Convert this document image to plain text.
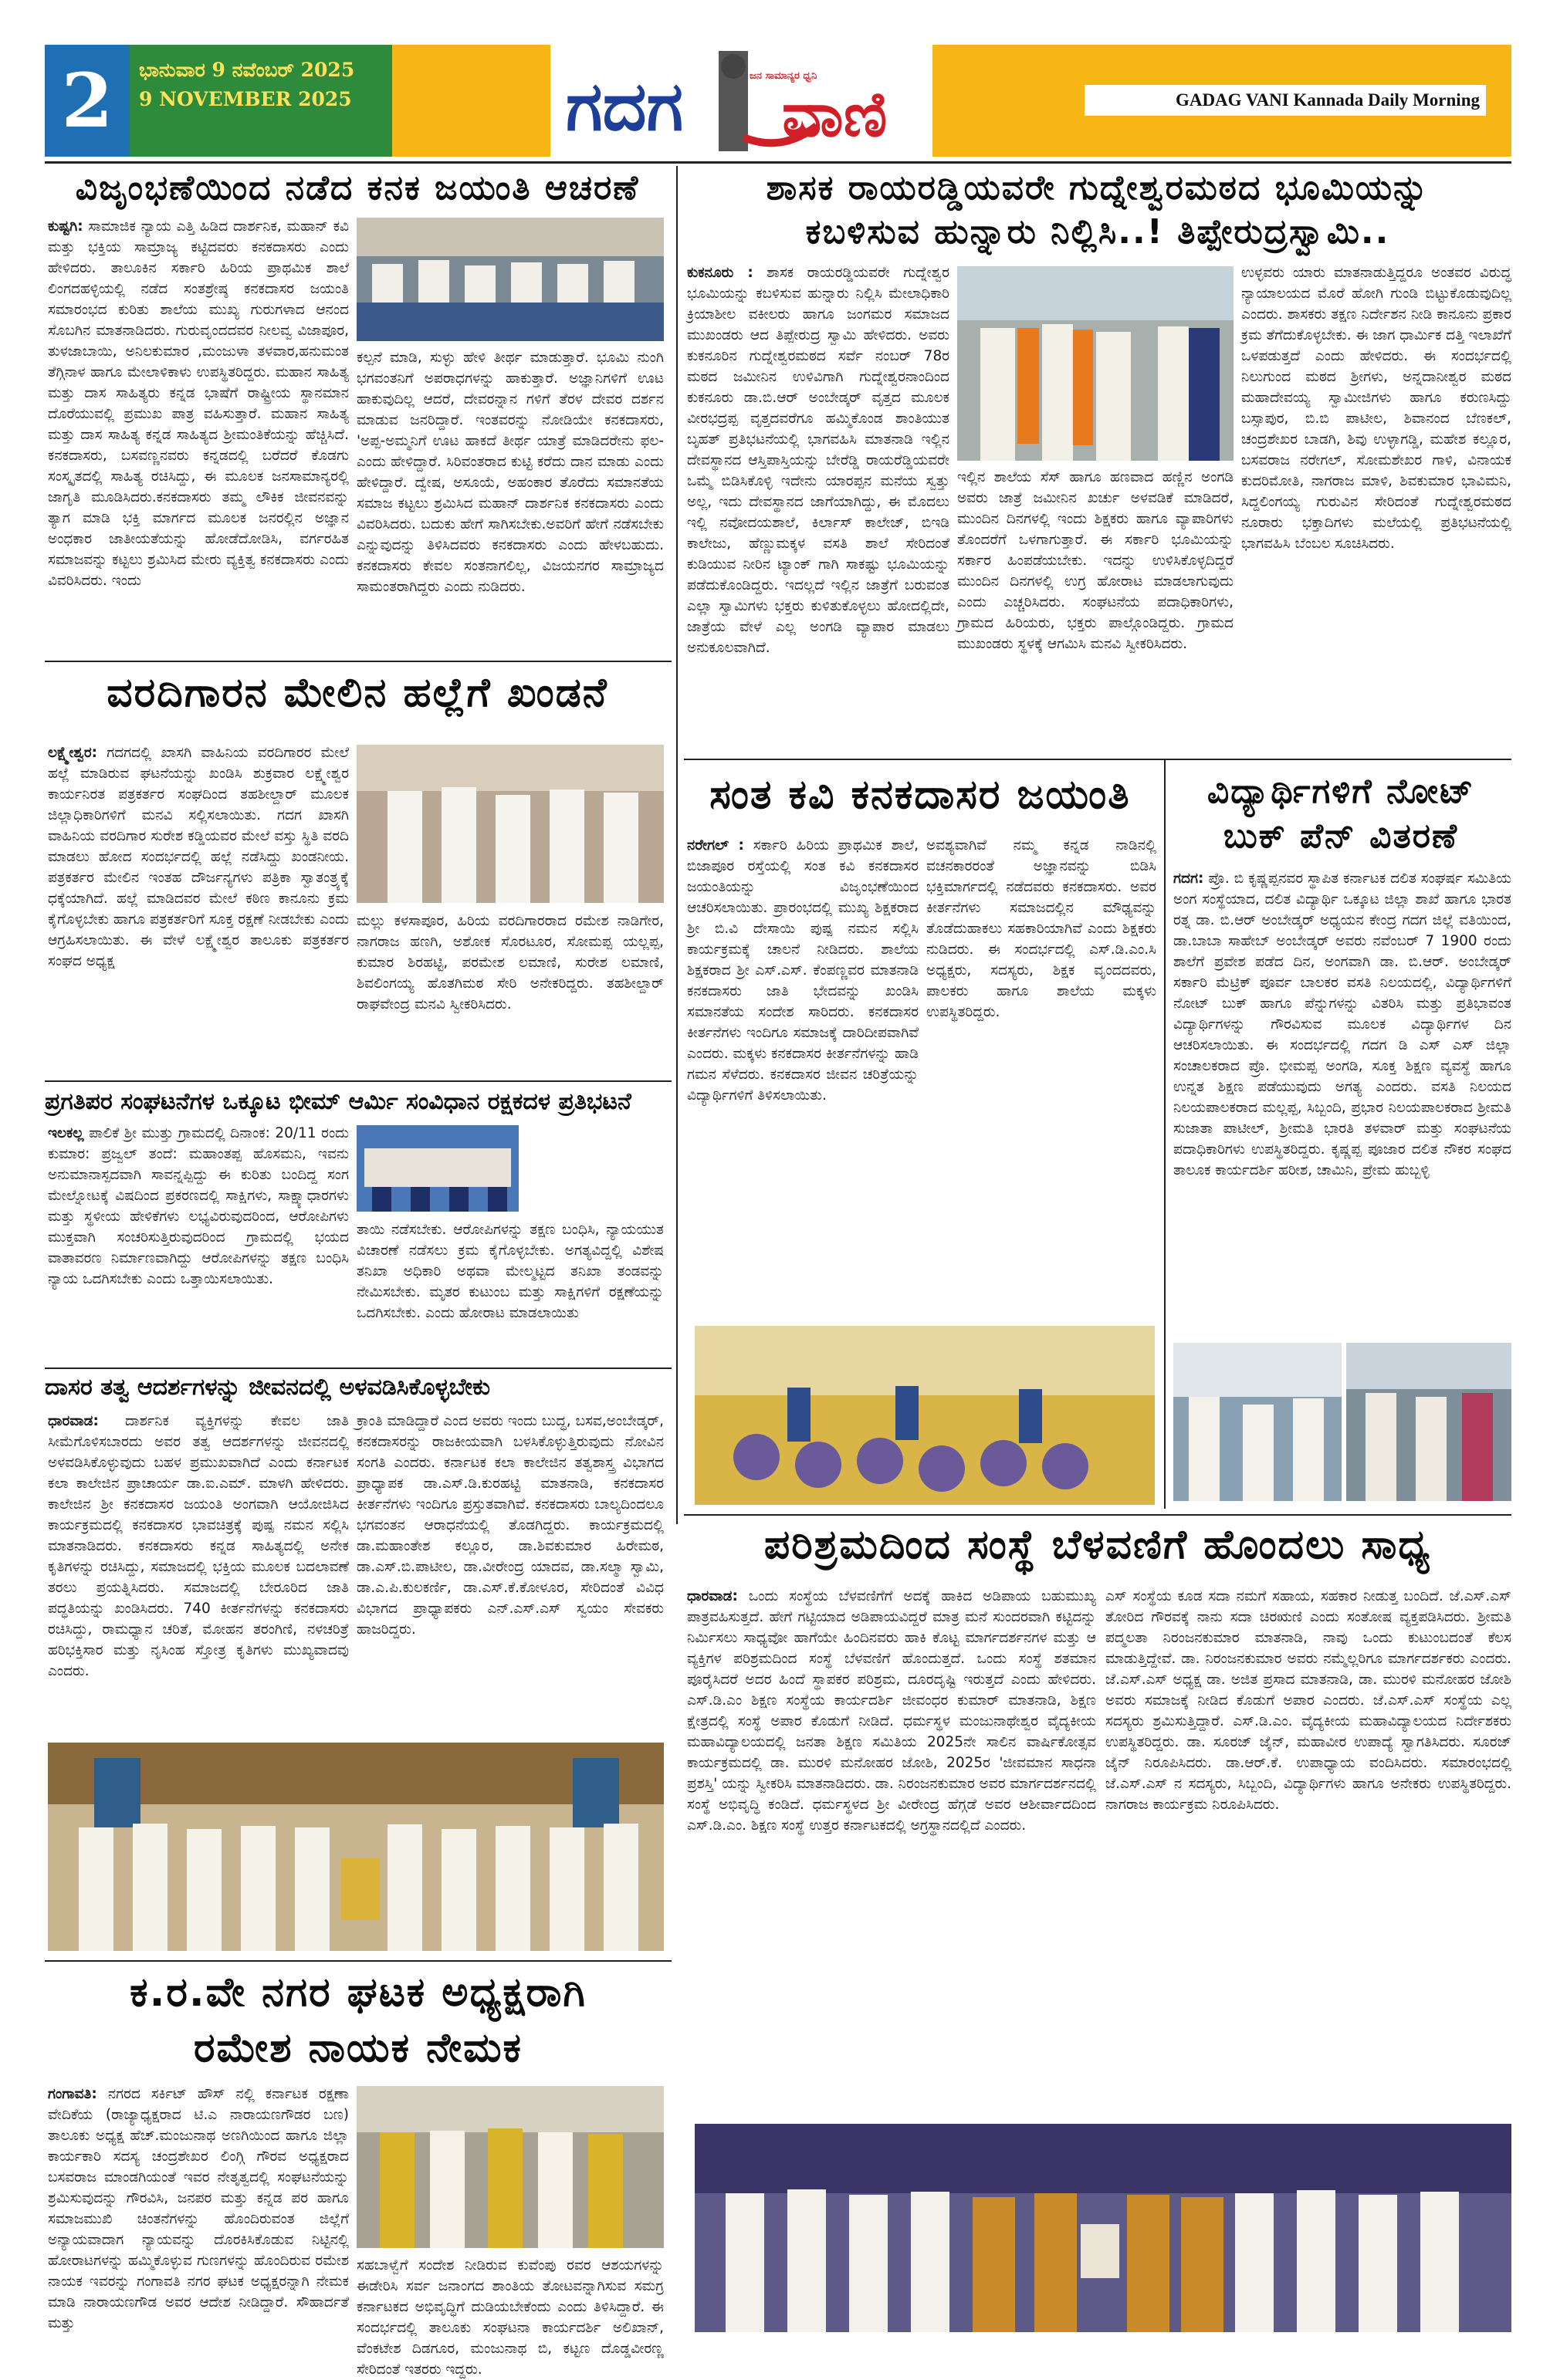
2	ಭಾನುವಾರ 9 ನವೆಂಬರ್ 2025
9 NOVEMBER 2025	ಗದಗ	ಜನ ಸಾಮಾನ್ಯರ ಧ್ವನಿ
ವಾಣಿ	GADAG VANI Kannada Daily Morning
ವಿಜೃಂಭಣೆಯಿಂದ ನಡೆದ ಕನಕ ಜಯಂತಿ ಆಚರಣೆ
ಕುಷ್ಟಗಿ: ಸಾಮಾಜಿಕ ನ್ಯಾಯ ಎತ್ತಿ ಹಿಡಿದ ದಾರ್ಶನಿಕ, ಮಹಾನ್ ಕವಿ ಮತ್ತು ಭಕ್ತಿಯ ಸಾಮ್ರಾಜ್ಯ ಕಟ್ಟಿದವರು ಕನಕದಾಸರು ಎಂದು ಹೇಳಿದರು. ತಾಲೂಕಿನ ಸರ್ಕಾರಿ ಹಿರಿಯ ಪ್ರಾಥಮಿಕ ಶಾಲೆ ಲಿಂಗದಹಳ್ಳಿಯಲ್ಲಿ ನಡೆದ ಸಂತಶ್ರೇಷ್ಠ ಕನಕದಾಸರ ಜಯಂತಿ ಸಮಾರಂಭದ ಕುರಿತು ಶಾಲೆಯ ಮುಖ್ಯ ಗುರುಗಳಾದ ಆನಂದ ಸೊಬಗಿನ ಮಾತನಾಡಿದರು. ಗುರುವೃಂದದವರ ನೀಲವ್ವ ವಿಜಾಪೂರ, ತುಳಜಾಬಾಯಿ, ಅನಿಲಕುಮಾರ ,ಮಂಜುಳಾ ತಳವಾರ,ಹನುಮಂತ ತೆಗ್ಗಿನಾಳ ಹಾಗೂ ಮೇಲಾಳಿಕಾಳು ಉಪಸ್ಥಿತರಿದ್ದರು. ಮಹಾನ ಸಾಹಿತ್ಯ ಮತ್ತು ದಾಸ ಸಾಹಿತ್ಯರು ಕನ್ನಡ ಭಾಷೆಗೆ ರಾಷ್ಟ್ರೀಯ ಸ್ಥಾನಮಾನ ದೊರೆಯುವಲ್ಲಿ ಪ್ರಮುಖ ಪಾತ್ರ ವಹಿಸುತ್ತಾರೆ. ಮಹಾನ ಸಾಹಿತ್ಯ ಮತ್ತು ದಾಸ ಸಾಹಿತ್ಯ ಕನ್ನಡ ಸಾಹಿತ್ಯದ ಶ್ರೀಮಂತಿಕೆಯನ್ನು ಹೆಚ್ಚಿಸಿದೆ. ಕನಕದಾಸರು, ಬಸವಣ್ಣನವರು ಕನ್ನಡದಲ್ಲಿ ಬರೆದರೆ ಕೊಡಗು ಸಂಸ್ಕೃತದಲ್ಲಿ ಸಾಹಿತ್ಯ ರಚಿಸಿದ್ದು, ಈ ಮೂಲಕ ಜನಸಾಮಾನ್ಯರಲ್ಲಿ ಜಾಗೃತಿ ಮೂಡಿಸಿದರು.ಕನಕದಾಸರು ತಮ್ಮ ಲೌಕಿಕ ಜೀವನವನ್ನು ತ್ಯಾಗ ಮಾಡಿ ಭಕ್ತಿ ಮಾರ್ಗದ ಮೂಲಕ ಜನರಲ್ಲಿನ ಅಜ್ಞಾನ ಅಂಧಕಾರ ಜಾತೀಯತೆಯನ್ನು ಹೋಡೆದೋಡಿಸಿ, ವರ್ಗರಹಿತ ಸಮಾಜವನ್ನು ಕಟ್ಟಲು ಶ್ರಮಿಸಿದ ಮೇರು ವ್ಯಕ್ತಿತ್ವ ಕನಕದಾಸರು ಎಂದು ವಿವರಿಸಿದರು. ಇಂದು
ಕಲ್ಪನೆ ಮಾಡಿ, ಸುಳ್ಳು ಹೇಳಿ ತೀರ್ಥ ಮಾಡುತ್ತಾರೆ. ಭೂಮಿ ನುಂಗಿ ಭಗವಂತನಿಗೆ ಅಪರಾಧಗಳನ್ನು ಹಾಕುತ್ತಾರೆ. ಅಜ್ಞಾನಿಗಳಿಗೆ ಊಟ ಹಾಕುವುದಿಲ್ಲ ಆದರೆ, ದೇವರನ್ನಾನ ಗಳಿಗೆ ತೆರಳ ದೇವರ ದರ್ಶನ ಮಾಡುವ ಜನರಿದ್ದಾರೆ. ಇಂತವರನ್ನು ನೋಡಿಯೇ ಕನಕದಾಸರು, 'ಅಪ್ಪ-ಅಮ್ಮನಿಗೆ ಊಟ ಹಾಕದೆ ತೀರ್ಥ ಯಾತ್ರೆ ಮಾಡಿದರೇನು ಫಲ-ಎಂದು ಹೇಳಿದ್ದಾರೆ. ಸಿರಿವಂತರಾದ ಕುಟ್ಟಿ ಕರೆದು ದಾನ ಮಾಡು ಎಂದು ಹೇಳಿದ್ದಾರೆ. ದ್ವೇಷ, ಅಸೂಯೆ, ಅಹಂಕಾರ ತೊರೆದು ಸಮಾನತೆಯ ಸಮಾಜ ಕಟ್ಟಲು ಶ್ರಮಿಸಿದ ಮಹಾನ್ ದಾರ್ಶನಿಕ ಕನಕದಾಸರು ಎಂದು ವಿವರಿಸಿದರು. ಬದುಕು ಹೇಗೆ ಸಾಗಿಸಬೇಕು.ಅವರಿಗೆ ಹೇಗೆ ನಡೆಸಬೇಕು ಎನ್ನುವುದನ್ನು ತಿಳಿಸಿದವರು ಕನಕದಾಸರು ಎಂದು ಹೇಳಬಹುದು. ಕನಕದಾಸರು ಕೇವಲ ಸಂತನಾಗಲಿಲ್ಲ, ವಿಜಯನಗರ ಸಾಮ್ರಾಜ್ಯದ ಸಾಮಂತರಾಗಿದ್ದರು ಎಂದು ನುಡಿದರು.
ಶಾಸಕ ರಾಯರಡ್ಡಿಯವರೇ ಗುದ್ನೇಶ್ವರಮಠದ ಭೂಮಿಯನ್ನು
ಕಬಳಿಸುವ ಹುನ್ನಾರು ನಿಲ್ಲಿಸಿ..! ತಿಪ್ಪೇರುದ್ರಸ್ವಾಮಿ..
ಕುಕನೂರು : ಶಾಸಕ ರಾಯರಡ್ಡಿಯವರೇ ಗುದ್ನೇಶ್ವರ ಭೂಮಿಯನ್ನು ಕಬಳಿಸುವ ಹುನ್ನಾರು ನಿಲ್ಲಿಸಿ ಮೇಲಾಧಿಕಾರಿ ಕ್ರಿಯಾಶೀಲ ವಕೀಲರು ಹಾಗೂ ಜಂಗಮರ ಸಮಾಜದ ಮುಖಂಡರು ಆದ ತಿಪ್ಪೇರುದ್ರ ಸ್ವಾಮಿ ಹೇಳಿದರು. ಅವರು ಕುಕನೂರಿನ ಗುದ್ನೇಶ್ವರಮಠದ ಸರ್ವೆ ನಂಬರ್ 78ರ ಮಠದ ಜಮೀನಿನ ಉಳಿವಿಗಾಗಿ ಗುದ್ನೇಶ್ವರನಾಂದಿಂದ ಕುಕನೂರು ಡಾ.ಬಿ.ಆರ್ ಅಂಬೇಡ್ಕರ್ ವೃತ್ತದ ಮೂಲಕ ವೀರಭದ್ರಪ್ಪ ವೃತ್ತದವರೆಗೂ ಹಮ್ಮಿಕೊಂಡ ಶಾಂತಿಯುತ ಬೃಹತ್ ಪ್ರತಿಭಟನೆಯಲ್ಲಿ ಭಾಗವಹಿಸಿ ಮಾತನಾಡಿ ಇಲ್ಲಿನ ದೇವಸ್ಥಾನದ ಆಸ್ತಿಪಾಸ್ತಿಯನ್ನು ಬೇರೆಡ್ಡಿ ರಾಯರೆಡ್ಡಿಯವರೇ ಒಮ್ಮೆ ಬಿಡಿಸಿಕೊಳ್ಳಿ ಇದೇನು ಯಾರಪ್ಪನ ಮನೆಯ ಸ್ವತ್ತು ಅಲ್ಲ, ಇದು ದೇವಸ್ಥಾನದ ಜಾಗೆಯಾಗಿದ್ದು, ಈ ಮೊದಲು ಇಲ್ಲಿ ನವೋದಯಶಾಲೆ, ಕಿರ್ಲಾಸ್ ಕಾಲೇಜ್, ಬಿಇಡಿ ಕಾಲೇಜು, ಹೆಣ್ಣುಮಕ್ಕಳ ವಸತಿ ಶಾಲೆ ಸೇರಿದಂತೆ ಕುಡಿಯುವ ನೀರಿನ ಟ್ಯಾಂಕ್ ಗಾಗಿ ಸಾಕಷ್ಟು ಭೂಮಿಯನ್ನು ಪಡೆದುಕೊಂಡಿದ್ದರು. ಇದಲ್ಲದೆ ಇಲ್ಲಿನ ಜಾತ್ರೆಗೆ ಬರುವಂತ ಎಲ್ಲಾ ಸ್ವಾಮಿಗಳು ಭಕ್ತರು ಕುಳಿತುಕೊಳ್ಳಲು ಹೋದಲ್ಲಿದೇ, ಜಾತ್ರೆಯ ವೇಳೆ ಎಲ್ಲ ಅಂಗಡಿ ವ್ಯಾಪಾರ ಮಾಡಲು ಅನುಕೂಲವಾಗಿದೆ.
ಇಲ್ಲಿನ ಶಾಲೆಯ ಸೆಸ್ ಹಾಗೂ ಹಣವಾದ ಹಣ್ಣಿನ ಅಂಗಡಿ ಅವರು ಜಾತ್ರೆ ಜಮೀನಿನ ಖರ್ಚು ಅಳವಡಿಕೆ ಮಾಡಿದರೆ, ಮುಂದಿನ ದಿನಗಳಲ್ಲಿ ಇಂದು ಶಿಕ್ಷಕರು ಹಾಗೂ ವ್ಯಾಪಾರಿಗಳು ತೊಂದರೆಗೆ ಒಳಗಾಗುತ್ತಾರೆ. ಈ ಸರ್ಕಾರಿ ಭೂಮಿಯನ್ನು ಸರ್ಕಾರ ಹಿಂಪಡೆಯಬೇಕು. ಇದನ್ನು ಉಳಿಸಿಕೊಳ್ಳದಿದ್ದರೆ ಮುಂದಿನ ದಿನಗಳಲ್ಲಿ ಉಗ್ರ ಹೋರಾಟ ಮಾಡಲಾಗುವುದು ಎಂದು ಎಚ್ಚರಿಸಿದರು. ಸಂಘಟನೆಯ ಪದಾಧಿಕಾರಿಗಳು, ಗ್ರಾಮದ ಹಿರಿಯರು, ಭಕ್ತರು ಪಾಲ್ಗೊಂಡಿದ್ದರು. ಗ್ರಾಮದ ಮುಖಂಡರು ಸ್ಥಳಕ್ಕೆ ಆಗಮಿಸಿ ಮನವಿ ಸ್ವೀಕರಿಸಿದರು.
ಉಳ್ಳವರು ಯಾರು ಮಾತನಾಡುತ್ತಿದ್ದರೂ ಅಂತವರ ವಿರುದ್ಧ ನ್ಯಾಯಾಲಯದ ಮೊರೆ ಹೋಗಿ ಗುಂಡಿ ಬಿಟ್ಟುಕೊಡುವುದಿಲ್ಲ ಎಂದರು. ಶಾಸಕರು ತಕ್ಷಣ ನಿರ್ದೇಶನ ನೀಡಿ ಕಾನೂನು ಪ್ರಕಾರ ಕ್ರಮ ತೆಗೆದುಕೊಳ್ಳಬೇಕು. ಈ ಜಾಗ ಧಾರ್ಮಿಕ ದತ್ತಿ ಇಲಾಖೆಗೆ ಒಳಪಡುತ್ತದೆ ಎಂದು ಹೇಳಿದರು. ಈ ಸಂದರ್ಭದಲ್ಲಿ ನಿಲುಗುಂದ ಮಠದ ಶ್ರೀಗಳು, ಅನ್ನದಾನೀಶ್ವರ ಮಠದ ಮಹಾದೇವಯ್ಯ ಸ್ವಾಮೀಜಿಗಳು ಹಾಗೂ ಕರುಣಸಿದ್ದು ಬಸ್ಸಾಪುರ, ಬಿ.ಬಿ ಪಾಟೀಲ, ಶಿವಾನಂದ ಬೆಣಕಲ್, ಚಂದ್ರಶೇಖರ ಬಾಡಗಿ, ಶಿವು ಉಳ್ಳಾಗಡ್ಡಿ, ಮಹೇಶ ಕಲ್ಲೂರ, ಬಸವರಾಜ ನರೇಗಲ್, ಸೋಮಶೇಖರ ಗಾಳಿ, ವಿನಾಯಕ ಕುದರಿಮೋತಿ, ನಾಗರಾಜ ಮಾಳಿ, ಶಿವಕುಮಾರ ಭಾವಿಮನಿ, ಸಿದ್ದಲಿಂಗಯ್ಯ ಗುರುವಿನ ಸೇರಿದಂತೆ ಗುದ್ನೇಶ್ವರಮಠದ ನೂರಾರು ಭಕ್ತಾದಿಗಳು ಮಲೆಯಲ್ಲಿ ಪ್ರತಿಭಟನೆಯಲ್ಲಿ ಭಾಗವಹಿಸಿ ಬೆಂಬಲ ಸೂಚಿಸಿದರು.
ವರದಿಗಾರನ ಮೇಲಿನ ಹಲ್ಲೆಗೆ ಖಂಡನೆ
ಲಕ್ಷ್ಮೇಶ್ವರ: ಗದಗದಲ್ಲಿ ಖಾಸಗಿ ವಾಹಿನಿಯ ವರದಿಗಾರರ ಮೇಲೆ ಹಲ್ಲೆ ಮಾಡಿರುವ ಘಟನೆಯನ್ನು ಖಂಡಿಸಿ ಶುಕ್ರವಾರ ಲಕ್ಷ್ಮೇಶ್ವರ ಕಾರ್ಯನಿರತ ಪತ್ರಕರ್ತರ ಸಂಘದಿಂದ ತಹಶೀಲ್ದಾರ್ ಮೂಲಕ ಜಿಲ್ಲಾಧಿಕಾರಿಗಳಿಗೆ ಮನವಿ ಸಲ್ಲಿಸಲಾಯಿತು. ಗದಗ ಖಾಸಗಿ ವಾಹಿನಿಯ ವರದಿಗಾರ ಸುರೇಶ ಕಡ್ಡಿಯವರ ಮೇಲೆ ವಸ್ತು ಸ್ಥಿತಿ ವರದಿ ಮಾಡಲು ಹೋದ ಸಂದರ್ಭದಲ್ಲಿ ಹಲ್ಲೆ ನಡೆಸಿದ್ದು ಖಂಡನೀಯ. ಪತ್ರಕರ್ತರ ಮೇಲಿನ ಇಂತಹ ದೌರ್ಜನ್ಯಗಳು ಪತ್ರಿಕಾ ಸ್ವಾತಂತ್ರ್ಯಕ್ಕೆ ಧಕ್ಕೆಯಾಗಿದೆ. ಹಲ್ಲೆ ಮಾಡಿದವರ ಮೇಲೆ ಕಠಿಣ ಕಾನೂನು ಕ್ರಮ ಕೈಗೊಳ್ಳಬೇಕು ಹಾಗೂ ಪತ್ರಕರ್ತರಿಗೆ ಸೂಕ್ತ ರಕ್ಷಣೆ ನೀಡಬೇಕು ಎಂದು ಆಗ್ರಹಿಸಲಾಯಿತು. ಈ ವೇಳೆ ಲಕ್ಷ್ಮೇಶ್ವರ ತಾಲೂಕು ಪತ್ರಕರ್ತರ ಸಂಘದ ಅಧ್ಯಕ್ಷ
ಮಲ್ಲು ಕಳಸಾಪೂರ, ಹಿರಿಯ ವರದಿಗಾರರಾದ ರಮೇಶ ನಾಡಿಗೇರ, ನಾಗರಾಜ ಹಣಗಿ, ಅಶೋಕ ಸೊರಟೂರ, ಸೋಮಪ್ಪ ಯಲ್ಲಪ್ಪ, ಕುಮಾರ ಶಿರಹಟ್ಟಿ, ಪರಮೇಶ ಲಮಾಣಿ, ಸುರೇಶ ಲಮಾಣಿ, ಶಿವಲಿಂಗಯ್ಯ ಹೊತಗಿಮಠ ಸೇರಿ ಅನೇಕರಿದ್ದರು. ತಹಶೀಲ್ದಾರ್ ರಾಘವೇಂದ್ರ ಮನವಿ ಸ್ವೀಕರಿಸಿದರು.
ಸಂತ ಕವಿ ಕನಕದಾಸರ ಜಯಂತಿ
ನರೇಗಲ್ : ಸರ್ಕಾರಿ ಹಿರಿಯ ಪ್ರಾಥಮಿಕ ಶಾಲೆ, ಬಿಜಾಪೂರ ರಸ್ತೆಯಲ್ಲಿ ಸಂತ ಕವಿ ಕನಕದಾಸರ ಜಯಂತಿಯನ್ನು ವಿಜೃಂಭಣೆಯಿಂದ ಆಚರಿಸಲಾಯಿತು. ಪ್ರಾರಂಭದಲ್ಲಿ ಮುಖ್ಯ ಶಿಕ್ಷಕರಾದ ಶ್ರೀ ಬಿ.ವಿ ದೇಸಾಯಿ ಪುಷ್ಪ ನಮನ ಸಲ್ಲಿಸಿ ಕಾರ್ಯಕ್ರಮಕ್ಕೆ ಚಾಲನೆ ನೀಡಿದರು. ಶಾಲೆಯ ಶಿಕ್ಷಕರಾದ ಶ್ರೀ ಎಸ್.ಎಸ್. ಕೆಂಪಣ್ಣವರ ಮಾತನಾಡಿ ಕನಕದಾಸರು ಜಾತಿ ಭೇದವನ್ನು ಖಂಡಿಸಿ ಸಮಾನತೆಯ ಸಂದೇಶ ಸಾರಿದರು. ಕನಕದಾಸರ ಕೀರ್ತನೆಗಳು ಇಂದಿಗೂ ಸಮಾಜಕ್ಕೆ ದಾರಿದೀಪವಾಗಿವೆ ಎಂದರು. ಮಕ್ಕಳು ಕನಕದಾಸರ ಕೀರ್ತನೆಗಳನ್ನು ಹಾಡಿ ಗಮನ ಸೆಳೆದರು. ಕನಕದಾಸರ ಜೀವನ ಚರಿತ್ರೆಯನ್ನು ವಿದ್ಯಾರ್ಥಿಗಳಿಗೆ ತಿಳಿಸಲಾಯಿತು.
ಅವಶ್ಯವಾಗಿವೆ ನಮ್ಮ ಕನ್ನಡ ನಾಡಿನಲ್ಲಿ ವಚನಕಾರರಂತೆ ಅಜ್ಞಾನವನ್ನು ಬಿಡಿಸಿ ಭಕ್ತಿಮಾರ್ಗದಲ್ಲಿ ನಡೆದವರು ಕನಕದಾಸರು. ಅವರ ಕೀರ್ತನೆಗಳು ಸಮಾಜದಲ್ಲಿನ ಮೌಢ್ಯವನ್ನು ತೊಡೆದುಹಾಕಲು ಸಹಕಾರಿಯಾಗಿವೆ ಎಂದು ಶಿಕ್ಷಕರು ನುಡಿದರು. ಈ ಸಂದರ್ಭದಲ್ಲಿ ಎಸ್.ಡಿ.ಎಂ.ಸಿ ಅಧ್ಯಕ್ಷರು, ಸದಸ್ಯರು, ಶಿಕ್ಷಕ ವೃಂದದವರು, ಪಾಲಕರು ಹಾಗೂ ಶಾಲೆಯ ಮಕ್ಕಳು ಉಪಸ್ಥಿತರಿದ್ದರು.
ವಿದ್ಯಾರ್ಥಿಗಳಿಗೆ ನೋಟ್
ಬುಕ್ ಪೆನ್ ವಿತರಣೆ
ಗದಗ: ಪ್ರೊ. ಬಿ ಕೃಷ್ಣಪ್ಪನವರ ಸ್ಥಾಪಿತ ಕರ್ನಾಟಕ ದಲಿತ ಸಂಘರ್ಷ ಸಮಿತಿಯ ಅಂಗ ಸಂಸ್ಥೆಯಾದ, ದಲಿತ ವಿದ್ಯಾರ್ಥಿ ಒಕ್ಕೂಟ ಜಿಲ್ಲಾ ಶಾಖೆ ಹಾಗೂ ಭಾರತ ರತ್ನ ಡಾ. ಬಿ.ಆರ್ ಅಂಬೇಡ್ಕರ್ ಅಧ್ಯಯನ ಕೇಂದ್ರ ಗದಗ ಜಿಲ್ಲೆ ವತಿಯಿಂದ, ಡಾ.ಬಾಬಾ ಸಾಹೇಬ್ ಅಂಬೇಡ್ಕರ್ ಅವರು ನವೆಂಬರ್ 7 1900 ರಂದು ಶಾಲೆಗೆ ಪ್ರವೇಶ ಪಡೆದ ದಿನ, ಅಂಗವಾಗಿ ಡಾ. ಬಿ.ಆರ್. ಅಂಬೇಡ್ಕರ್ ಸರ್ಕಾರಿ ಮೆಟ್ರಿಕ್ ಪೂರ್ವ ಬಾಲಕರ ವಸತಿ ನಿಲಯದಲ್ಲಿ, ವಿದ್ಯಾರ್ಥಿಗಳಿಗೆ ನೋಟ್ ಬುಕ್ ಹಾಗೂ ಪೆನ್ನುಗಳನ್ನು ವಿತರಿಸಿ ಮತ್ತು ಪ್ರತಿಭಾವಂತ ವಿದ್ಯಾರ್ಥಿಗಳನ್ನು ಗೌರವಿಸುವ ಮೂಲಕ ವಿದ್ಯಾರ್ಥಿಗಳ ದಿನ ಆಚರಿಸಲಾಯಿತು. ಈ ಸಂದರ್ಭದಲ್ಲಿ ಗದಗ ಡಿ ಎಸ್ ಎಸ್ ಜಿಲ್ಲಾ ಸಂಚಾಲಕರಾದ ಪ್ರೊ. ಭೀಮಪ್ಪ ಅಂಗಡಿ, ಸೂಕ್ತ ಶಿಕ್ಷಣ ವ್ಯವಸ್ಥೆ ಹಾಗೂ ಉನ್ನತ ಶಿಕ್ಷಣ ಪಡೆಯುವುದು ಅಗತ್ಯ ಎಂದರು. ವಸತಿ ನಿಲಯದ ನಿಲಯಪಾಲಕರಾದ ಮಲ್ಲಪ್ಪ, ಸಿಬ್ಬಂದಿ, ಪ್ರಭಾರ ನಿಲಯಪಾಲಕರಾದ ಶ್ರೀಮತಿ ಸುಜಾತಾ ಪಾಟೀಲ್, ಶ್ರೀಮತಿ ಭಾರತಿ ತಳವಾರ್ ಮತ್ತು ಸಂಘಟನೆಯ ಪದಾಧಿಕಾರಿಗಳು ಉಪಸ್ಥಿತರಿದ್ದರು. ಕೃಷ್ಣಪ್ಪ ಪೂಜಾರ ದಲಿತ ನೌಕರ ಸಂಘದ ತಾಲೂಕ ಕಾರ್ಯದರ್ಶಿ ಹರೀಶ, ಚಾಮಿನಿ, ಪ್ರೇಮ ಹುಬ್ಬಳ್ಳಿ
ಪ್ರಗತಿಪರ ಸಂಘಟನೆಗಳ ಒಕ್ಕೂಟ ಭೀಮ್ ಆರ್ಮಿ ಸಂವಿಧಾನ ರಕ್ಷಕದಳ ಪ್ರತಿಭಟನೆ
ಇಲಕಲ್ಲ ಪಾಲಿಕೆ ಶ್ರೀ ಮುತ್ತು ಗ್ರಾಮದಲ್ಲಿ ದಿನಾಂಕ: 20/11 ರಂದು ಕುಮಾರ: ಪ್ರಜ್ವಲ್ ತಂದೆ: ಮಹಾಂತಪ್ಪ ಹೊಸಮನಿ, ಇವನು ಅನುಮಾನಾಸ್ಪದವಾಗಿ ಸಾವನ್ನಪ್ಪಿದ್ದು ಈ ಕುರಿತು ಬಂದಿದ್ದ ಸಂಗ ಮೇಲ್ನೋಟಕ್ಕೆ ವಿಷದಿಂದ ಪ್ರಕರಣದಲ್ಲಿ ಸಾಕ್ಷಿಗಳು, ಸಾಕ್ಷ್ಯಾಧಾರಗಳು ಮತ್ತು ಸ್ಥಳೀಯ ಹೇಳಿಕೆಗಳು ಲಭ್ಯವಿರುವುದರಿಂದ, ಆರೋಪಿಗಳು ಮುಕ್ತವಾಗಿ ಸಂಚರಿಸುತ್ತಿರುವುದರಿಂದ ಗ್ರಾಮದಲ್ಲಿ ಭಯದ ವಾತಾವರಣ ನಿರ್ಮಾಣವಾಗಿದ್ದು ಆರೋಪಿಗಳನ್ನು ತಕ್ಷಣ ಬಂಧಿಸಿ ನ್ಯಾಯ ಒದಗಿಸಬೇಕು ಎಂದು ಒತ್ತಾಯಿಸಲಾಯಿತು.
ತಾಯಿ ನಡೆಸಬೇಕು. ಆರೋಪಿಗಳನ್ನು ತಕ್ಷಣ ಬಂಧಿಸಿ, ನ್ಯಾಯಯುತ ವಿಚಾರಣೆ ನಡೆಸಲು ಕ್ರಮ ಕೈಗೊಳ್ಳಬೇಕು. ಅಗತ್ಯವಿದ್ದಲ್ಲಿ ವಿಶೇಷ ತನಿಖಾ ಅಧಿಕಾರಿ ಅಥವಾ ಮೇಲ್ಮಟ್ಟದ ತನಿಖಾ ತಂಡವನ್ನು ನೇಮಿಸಬೇಕು. ಮೃತರ ಕುಟುಂಬ ಮತ್ತು ಸಾಕ್ಷಿಗಳಿಗೆ ರಕ್ಷಣೆಯನ್ನು ಒದಗಿಸಬೇಕು. ಎಂದು ಹೋರಾಟ ಮಾಡಲಾಯಿತು
ದಾಸರ ತತ್ವ ಆದರ್ಶಗಳನ್ನು ಜೀವನದಲ್ಲಿ ಅಳವಡಿಸಿಕೊಳ್ಳಬೇಕು
ಧಾರವಾಡ: ದಾರ್ಶನಿಕ ವ್ಯಕ್ತಿಗಳನ್ನು ಕೇವಲ ಜಾತಿ ಸೀಮೆಗೊಳಿಸಬಾರದು ಅವರ ತತ್ವ ಆದರ್ಶಗಳನ್ನು ಜೀವನದಲ್ಲಿ ಅಳವಡಿಸಿಕೊಳ್ಳುವುದು ಬಹಳ ಪ್ರಮುಖವಾಗಿದೆ ಎಂದು ಕರ್ನಾಟಕ ಕಲಾ ಕಾಲೇಜಿನ ಪ್ರಾಚಾರ್ಯ ಡಾ.ಐ.ಎಮ್. ಮಾಳಗಿ ಹೇಳಿದರು. ಕಾಲೇಜಿನ ಶ್ರೀ ಕನಕದಾಸರ ಜಯಂತಿ ಅಂಗವಾಗಿ ಆಯೋಜಿಸಿದ ಕಾರ್ಯಕ್ರಮದಲ್ಲಿ ಕನಕದಾಸರ ಭಾವಚಿತ್ರಕ್ಕೆ ಪುಷ್ಪ ನಮನ ಸಲ್ಲಿಸಿ ಮಾತನಾಡಿದರು. ಕನಕದಾಸರು ಕನ್ನಡ ಸಾಹಿತ್ಯದಲ್ಲಿ ಅನೇಕ ಕೃತಿಗಳನ್ನು ರಚಿಸಿದ್ದು, ಸಮಾಜದಲ್ಲಿ ಭಕ್ತಿಯ ಮೂಲಕ ಬದಲಾವಣೆ ತರಲು ಪ್ರಯತ್ನಿಸಿದರು. ಸಮಾಜದಲ್ಲಿ ಬೇರೂರಿದ ಜಾತಿ ಪದ್ಧತಿಯನ್ನು ಖಂಡಿಸಿದರು. 740 ಕೀರ್ತನೆಗಳನ್ನು ಕನಕದಾಸರು ರಚಿಸಿದ್ದು, ರಾಮಧ್ಯಾನ ಚರಿತೆ, ಮೋಹನ ತರಂಗಿಣಿ, ನಳಚರಿತ್ರೆ ಹರಿಭಕ್ತಿಸಾರ ಮತ್ತು ನೃಸಿಂಹ ಸ್ತೋತ್ರ ಕೃತಿಗಳು ಮುಖ್ಯವಾದವು ಎಂದರು.
ಕ್ರಾಂತಿ ಮಾಡಿದ್ದಾರೆ ಎಂದ ಅವರು ಇಂದು ಬುದ್ಧ, ಬಸವ,ಅಂಬೇಡ್ಕರ್, ಕನಕದಾಸರನ್ನು ರಾಜಕೀಯವಾಗಿ ಬಳಸಿಕೊಳ್ಳುತ್ತಿರುವುದು ನೋವಿನ ಸಂಗತಿ ಎಂದರು. ಕರ್ನಾಟಕ ಕಲಾ ಕಾಲೇಜಿನ ತತ್ವಶಾಸ್ತ್ರ ವಿಭಾಗದ ಪ್ರಾಧ್ಯಾಪಕ ಡಾ.ಎಸ್.ಡಿ.ಕುರಹಟ್ಟಿ ಮಾತನಾಡಿ, ಕನಕದಾಸರ ಕೀರ್ತನೆಗಳು ಇಂದಿಗೂ ಪ್ರಸ್ತುತವಾಗಿವೆ. ಕನಕದಾಸರು ಬಾಲ್ಯದಿಂದಲೂ ಭಗವಂತನ ಆರಾಧನೆಯಲ್ಲಿ ತೊಡಗಿದ್ದರು. ಕಾರ್ಯಕ್ರಮದಲ್ಲಿ ಡಾ.ಮಹಾಂತೇಶ ಕಲ್ಲೂರ, ಡಾ.ಶಿವಕುಮಾರ ಹಿರೇಮಠ, ಡಾ.ಎಸ್.ಬಿ.ಪಾಟೀಲ, ಡಾ.ವೀರೇಂದ್ರ ಯಾದವ, ಡಾ.ಸಲ್ಮಾ ಸ್ವಾಮಿ, ಡಾ.ಎ.ಪಿ.ಕುಲಕರ್ಣಿ, ಡಾ.ಎಸ್.ಕೆ.ಕೋಳೂರ, ಸೇರಿದಂತೆ ವಿವಿಧ ವಿಭಾಗದ ಪ್ರಾಧ್ಯಾಪಕರು ಎನ್.ಎಸ್.ಎಸ್ ಸ್ವಯಂ ಸೇವಕರು ಹಾಜರಿದ್ದರು.
ಪರಿಶ್ರಮದಿಂದ ಸಂಸ್ಥೆ ಬೆಳವಣಿಗೆ ಹೊಂದಲು ಸಾಧ್ಯ
ಧಾರವಾಡ: ಒಂದು ಸಂಸ್ಥೆಯ ಬೆಳವಣಿಗೆಗೆ ಅದಕ್ಕೆ ಹಾಕಿದ ಅಡಿಪಾಯ ಬಹುಮುಖ್ಯ ಪಾತ್ರವಹಿಸುತ್ತದೆ. ಹೇಗೆ ಗಟ್ಟಿಯಾದ ಅಡಿಪಾಯವಿದ್ದರೆ ಮಾತ್ರ ಮನೆ ಸುಂದರವಾಗಿ ಕಟ್ಟಿದನ್ನು ನಿರ್ಮಿಸಲು ಸಾಧ್ಯವೋ ಹಾಗೆಯೇ ಹಿಂದಿನವರು ಹಾಕಿ ಕೊಟ್ಟ ಮಾರ್ಗದರ್ಶನಗಳ ಮತ್ತು ಆ ವ್ಯಕ್ತಿಗಳ ಪರಿಶ್ರಮದಿಂದ ಸಂಸ್ಥೆ ಬೆಳವಣಿಗೆ ಹೊಂದುತ್ತದೆ. ಒಂದು ಸಂಸ್ಥೆ ಶತಮಾನ ಪೂರೈಸಿದರೆ ಅದರ ಹಿಂದೆ ಸ್ಥಾಪಕರ ಪರಿಶ್ರಮ, ದೂರದೃಷ್ಟಿ ಇರುತ್ತದೆ ಎಂದು ಹೇಳಿದರು. ಎಸ್.ಡಿ.ಎಂ ಶಿಕ್ಷಣ ಸಂಸ್ಥೆಯ ಕಾರ್ಯದರ್ಶಿ ಜೀವಂಧರ ಕುಮಾರ್ ಮಾತನಾಡಿ, ಶಿಕ್ಷಣ ಕ್ಷೇತ್ರದಲ್ಲಿ ಸಂಸ್ಥೆ ಅಪಾರ ಕೊಡುಗೆ ನೀಡಿದೆ. ಧರ್ಮಸ್ಥಳ ಮಂಜುನಾಥೇಶ್ವರ ವೈದ್ಯಕೀಯ ಮಹಾವಿದ್ಯಾಲಯದಲ್ಲಿ ಜನತಾ ಶಿಕ್ಷಣ ಸಮಿತಿಯ 2025ನೇ ಸಾಲಿನ ವಾರ್ಷಿಕೋತ್ಸವ ಕಾರ್ಯಕ್ರಮದಲ್ಲಿ ಡಾ. ಮುರಳಿ ಮನೋಹರ ಜೋಶಿ, 2025ರ 'ಜೀವಮಾನ ಸಾಧನಾ ಪ್ರಶಸ್ತಿ' ಯನ್ನು ಸ್ವೀಕರಿಸಿ ಮಾತನಾಡಿದರು. ಡಾ. ನಿರಂಜನಕುಮಾರ ಅವರ ಮಾರ್ಗದರ್ಶನದಲ್ಲಿ ಸಂಸ್ಥೆ ಅಭಿವೃದ್ಧಿ ಕಂಡಿದೆ. ಧರ್ಮಸ್ಥಳದ ಶ್ರೀ ವೀರೇಂದ್ರ ಹೆಗ್ಗಡೆ ಅವರ ಆಶೀರ್ವಾದದಿಂದ ಎಸ್.ಡಿ.ಎಂ. ಶಿಕ್ಷಣ ಸಂಸ್ಥೆ ಉತ್ತರ ಕರ್ನಾಟಕದಲ್ಲಿ ಅಗ್ರಸ್ಥಾನದಲ್ಲಿದೆ ಎಂದರು.
ಎಸ್ ಸಂಸ್ಥೆಯ ಕೂಡ ಸದಾ ನಮಗೆ ಸಹಾಯ, ಸಹಕಾರ ನೀಡುತ್ತ ಬಂದಿದೆ. ಜೆ.ಎಸ್.ಎಸ್ ತೋರಿದ ಗೌರವಕ್ಕೆ ನಾನು ಸದಾ ಚಿರಋಣಿ ಎಂದು ಸಂತೋಷ ವ್ಯಕ್ತಪಡಿಸಿದರು. ಶ್ರೀಮತಿ ಪದ್ಮಲತಾ ನಿರಂಜನಕುಮಾರ ಮಾತನಾಡಿ, ನಾವು ಒಂದು ಕುಟುಂಬದಂತೆ ಕೆಲಸ ಮಾಡುತ್ತಿದ್ದೇವೆ. ಡಾ. ನಿರಂಜನಕುಮಾರ ಅವರು ನಮ್ಮೆಲ್ಲರಿಗೂ ಮಾರ್ಗದರ್ಶಕರು ಎಂದರು. ಜೆ.ಎಸ್.ಎಸ್ ಅಧ್ಯಕ್ಷ ಡಾ. ಅಜಿತ ಪ್ರಸಾದ ಮಾತನಾಡಿ, ಡಾ. ಮುರಳಿ ಮನೋಹರ ಜೋಶಿ ಅವರು ಸಮಾಜಕ್ಕೆ ನೀಡಿದ ಕೊಡುಗೆ ಅಪಾರ ಎಂದರು. ಜೆ.ಎಸ್.ಎಸ್ ಸಂಸ್ಥೆಯ ಎಲ್ಲ ಸದಸ್ಯರು ಶ್ರಮಿಸುತ್ತಿದ್ದಾರೆ. ಎಸ್.ಡಿ.ಎಂ. ವೈದ್ಯಕೀಯ ಮಹಾವಿದ್ಯಾಲಯದ ನಿರ್ದೇಶಕರು ಉಪಸ್ಥಿತರಿದ್ದರು. ಡಾ. ಸೂರಜ್ ಜೈನ್, ಮಹಾವೀರ ಉಪಾದ್ಯೆ ಸ್ವಾಗತಿಸಿದರು. ಸೂರಜ್ ಜೈನ್ ನಿರೂಪಿಸಿದರು. ಡಾ.ಆರ್.ಕೆ. ಉಪಾಧ್ಯಾಯ ವಂದಿಸಿದರು. ಸಮಾರಂಭದಲ್ಲಿ ಜೆ.ಎಸ್.ಎಸ್ ನ ಸದಸ್ಯರು, ಸಿಬ್ಬಂದಿ, ವಿದ್ಯಾರ್ಥಿಗಳು ಹಾಗೂ ಅನೇಕರು ಉಪಸ್ಥಿತರಿದ್ದರು. ನಾಗರಾಜ ಕಾರ್ಯಕ್ರಮ ನಿರೂಪಿಸಿದರು.
ಕ.ರ.ವೇ ನಗರ ಘಟಕ ಅಧ್ಯಕ್ಷರಾಗಿ
ರಮೇಶ ನಾಯಕ ನೇಮಕ
ಗಂಗಾವತಿ: ನಗರದ ಸರ್ಕಿಟ್ ಹೌಸ್ ನಲ್ಲಿ ಕರ್ನಾಟಕ ರಕ್ಷಣಾ ವೇದಿಕೆಯ (ರಾಜ್ಯಾಧ್ಯಕ್ಷರಾದ ಟಿ.ಎ ನಾರಾಯಣಗೌಡರ ಬಣ) ತಾಲೂಕು ಅಧ್ಯಕ್ಷ ಹೆಚ್.ಮಂಜುನಾಥ ಅಣಗಿಯಿಂದ ಹಾಗೂ ಜಿಲ್ಲಾ ಕಾರ್ಯಕಾರಿ ಸದಸ್ಯ ಚಂದ್ರಶೇಖರ ಲಿಂಗ್ಗಿ ಗೌರವ ಅಧ್ಯಕ್ಷರಾದ ಬಸವರಾಜ ಮಾಂಡಗಿಯಂತೆ ಇವರ ನೇತೃತ್ವದಲ್ಲಿ ಸಂಘಟನೆಯನ್ನು ಶ್ರಮಿಸುವುದನ್ನು ಗೌರವಿಸಿ, ಜನಪರ ಮತ್ತು ಕನ್ನಡ ಪರ ಹಾಗೂ ಸಮಾಜಮುಖಿ ಚಿಂತನೆಗಳನ್ನು ಹೊಂದಿರುವಂತ ಜಿಲ್ಲೆಗೆ ಅನ್ಯಾಯವಾದಾಗ ನ್ಯಾಯವನ್ನು ದೊರಕಿಸಿಕೊಡುವ ನಿಟ್ಟಿನಲ್ಲಿ ಹೋರಾಟಗಳನ್ನು ಹಮ್ಮಿಕೊಳ್ಳುವ ಗುಣಗಳನ್ನು ಹೊಂದಿರುವ ರಮೇಶ ನಾಯಕ ಇವರನ್ನು ಗಂಗಾವತಿ ನಗರ ಘಟಕ ಅಧ್ಯಕ್ಷರನ್ನಾಗಿ ನೇಮಕ ಮಾಡಿ ನಾರಾಯಣಗೌಡ ಅವರ ಆದೇಶ ನೀಡಿದ್ದಾರೆ. ಸೌಹಾರ್ದತೆ ಮತ್ತು
ಸಹಬಾಳ್ವೆಗೆ ಸಂದೇಶ ನೀಡಿರುವ ಕುವೆಂಪು ರವರ ಆಶಯಗಳನ್ನು ಈಡೇರಿಸಿ ಸರ್ವ ಜನಾಂಗದ ಶಾಂತಿಯ ತೋಟವನ್ನಾಗಿಸುವ ಸಮಗ್ರ ಕರ್ನಾಟಕದ ಅಭಿವೃದ್ಧಿಗೆ ದುಡಿಯಬೇಕೆಂದು ಎಂದು ತಿಳಿಸಿದ್ದಾರೆ. ಈ ಸಂದರ್ಭದಲ್ಲಿ ತಾಲೂಕು ಸಂಘಟನಾ ಕಾರ್ಯದರ್ಶಿ ಅಲಿಖಾನ್, ವೆಂಕಟೇಶ ದಿಡಗೂರ, ಮಂಜುನಾಥ ಬಿ, ಕಟ್ಟಣ ದೊಡ್ಡವೀರಣ್ಣ ಸೇರಿದಂತೆ ಇತರರು ಇದ್ದರು.
